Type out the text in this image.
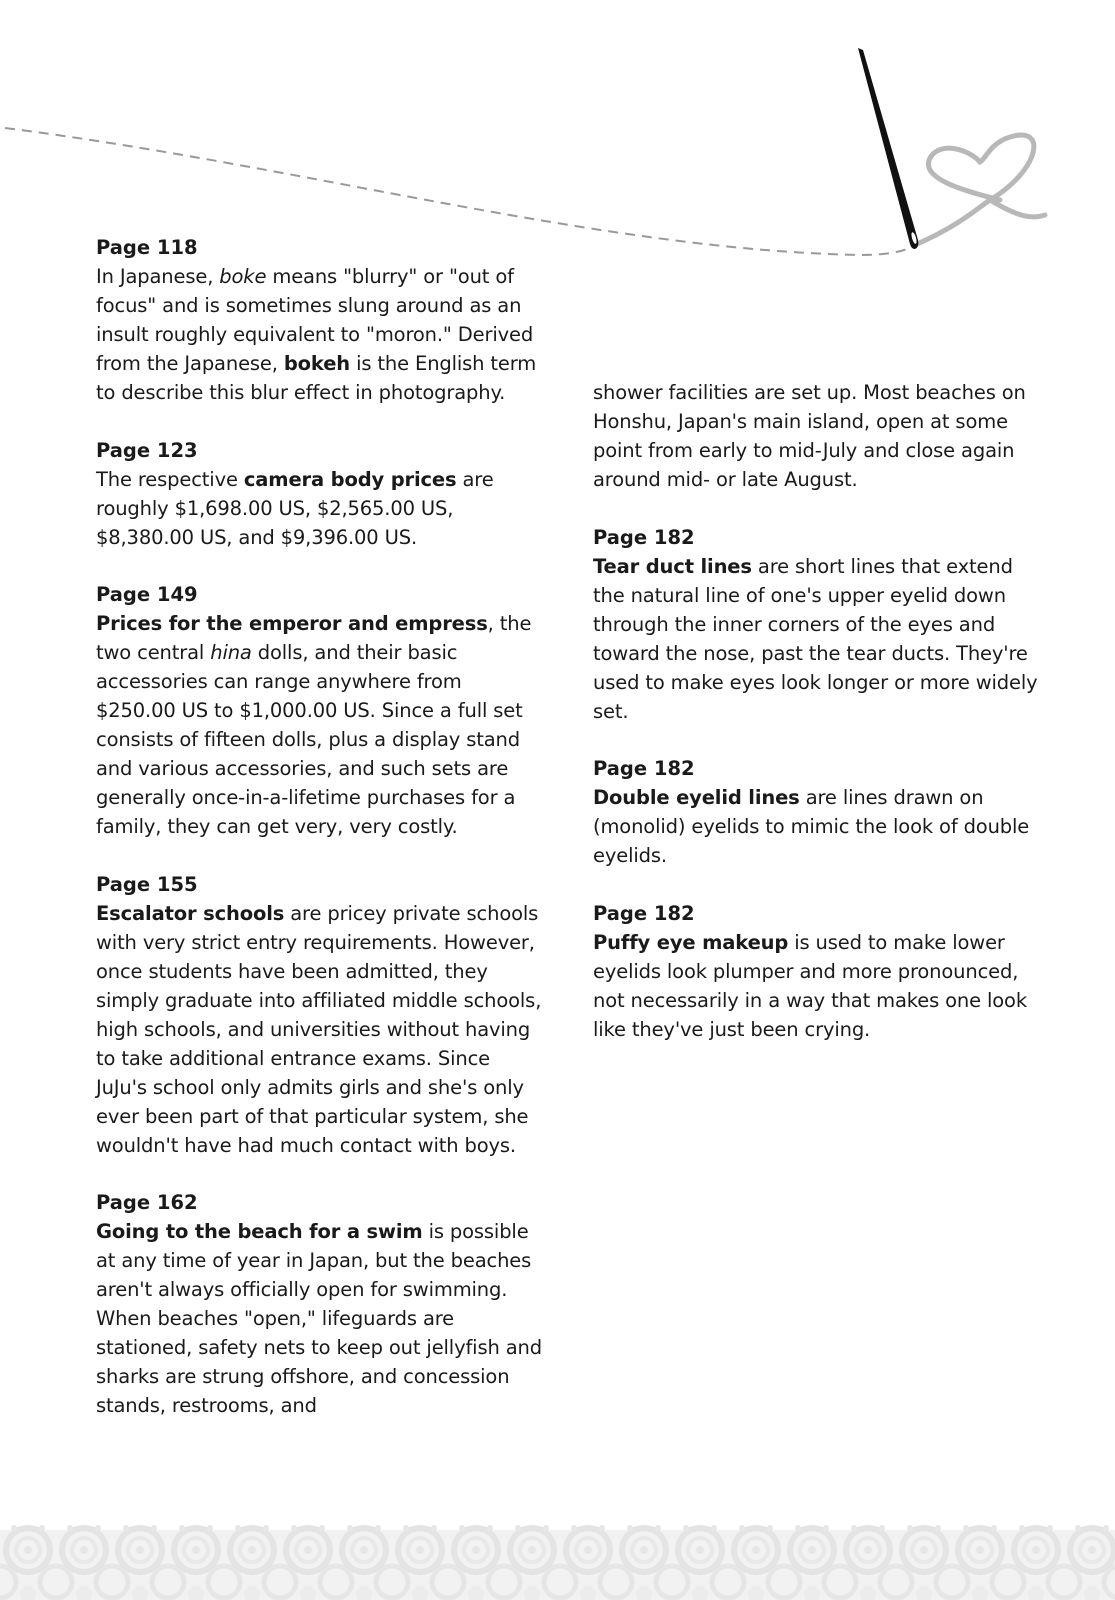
Page 118

In Japanese, boke means "blurry" or "out of focus" and is sometimes slung around as an insult roughly equivalent to "moron." Derived from the Japanese, bokeh is the English term to describe this blur effect in photography.

Page 123

The respective camera body prices are roughly $1,698.00 US, $2,565.00 US, $8,380.00 US, and $9,396.00 US.

Page 149

Prices for the emperor and empress, the two central hina dolls, and their basic accessories can range anywhere from $250.00 US to $1,000.00 US. Since a full set consists of fifteen dolls, plus a display stand and various accessories, and such sets are generally once-in-a-lifetime purchases for a family, they can get very, very costly.

Page 155

Escalator schools are pricey private schools with very strict entry requirements. However, once students have been admitted, they simply graduate into affiliated middle schools, high schools, and universities without having to take additional entrance exams. Since JuJu's school only admits girls and she's only ever been part of that particular system, she wouldn't have had much contact with boys.

Page 162

Going to the beach for a swim is possible at any time of year in Japan, but the beaches aren't always officially open for swimming. When beaches "open," lifeguards are stationed, safety nets to keep out jellyfish and sharks are strung offshore, and concession stands, restrooms, and

shower facilities are set up. Most beaches on Honshu, Japan's main island, open at some point from early to mid-July and close again around mid- or late August.

Page 182

Tear duct lines are short lines that extend the natural line of one's upper eyelid down through the inner corners of the eyes and toward the nose, past the tear ducts. They're used to make eyes look longer or more widely set.

Page 182

Double eyelid lines are lines drawn on (monolid) eyelids to mimic the look of double eyelids.

Page 182

Puffy eye makeup is used to make lower eyelids look plumper and more pronounced, not necessarily in a way that makes one look like they've just been crying.
